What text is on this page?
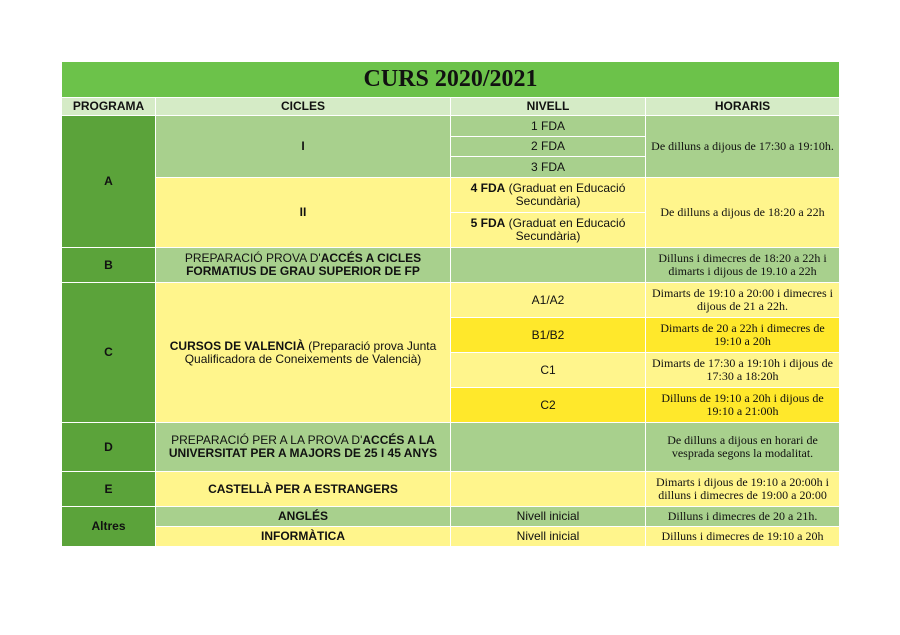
CURS 2020/2021			
PROGRAMA	CICLES	NIVELL	HORARIS
A	I	1 FDA	De dilluns a dijous de 17:30 a 19:10h.
		2 FDA	
		3 FDA	
	II	4 FDA (Graduat en Educació Secundària)	De dilluns a dijous de 18:20 a 22h
		5 FDA (Graduat en Educació Secundària)	
B	PREPARACIÓ PROVA D'ACCÉS A CICLES FORMATIUS DE GRAU SUPERIOR DE FP		Dilluns i dimecres de 18:20 a 22h i dimarts i dijous de 19.10 a 22h
C	CURSOS DE VALENCIÀ (Preparació prova Junta Qualificadora de Coneixements de Valencià)	A1/A2	Dimarts de 19:10 a 20:00 i dimecres i dijous de 21 a 22h.
		B1/B2	Dimarts de 20 a 22h i dimecres de 19:10 a 20h
		C1	Dimarts de 17:30 a 19:10h i dijous de 17:30 a 18:20h
		C2	Dilluns de 19:10 a 20h i dijous de 19:10 a 21:00h
D	PREPARACIÓ PER A LA PROVA D'ACCÉS A LA UNIVERSITAT PER A MAJORS DE 25 I 45 ANYS		De dilluns a dijous en horari de vesprada segons la modalitat.
E	CASTELLÀ PER A ESTRANGERS		Dimarts i dijous de 19:10 a 20:00h i dilluns i dimecres de 19:00 a 20:00
Altres	ANGLÉS	Nivell inicial	Dilluns i dimecres de 20 a 21h.
	INFORMÀTICA	Nivell inicial	Dilluns i dimecres de 19:10 a 20h
